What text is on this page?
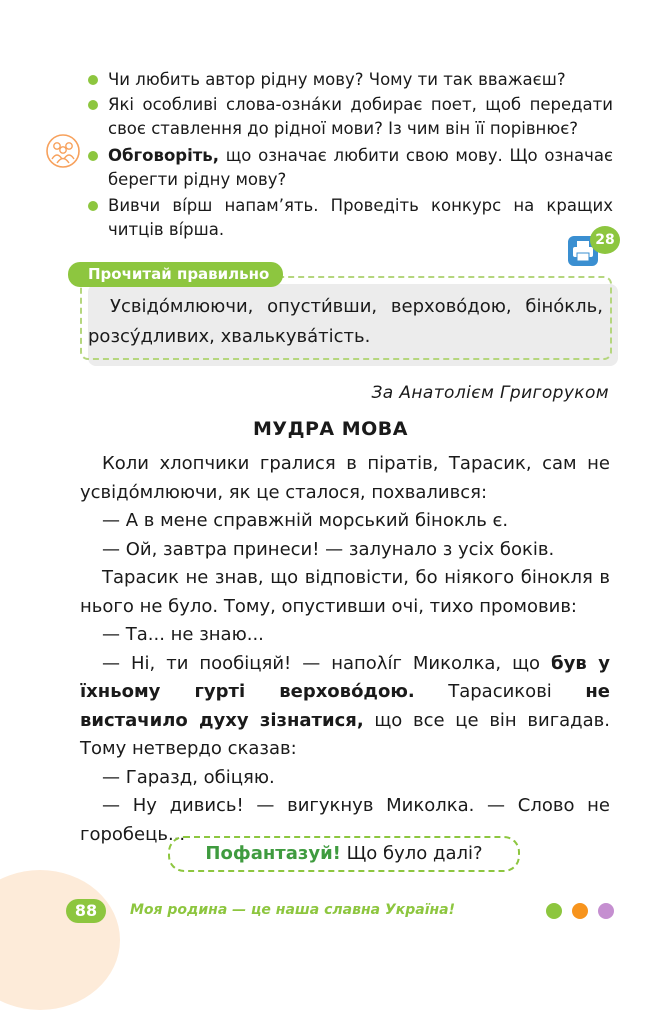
Чи любить автор рідну мову? Чому ти так вважаєш?
Які особливі слова-озна́ки добирає поет, щоб передати своє ставлення до рідної мови? Із чим він її порівнює?
Обговоріть, що означає любити свою мову. Що означає берегти рідну мову?
Вивчи ві́рш напам’ять. Проведіть конкурс на кращих читців ві́рша.
28
Прочитай правильно
Усвідо́млюючи, опусти́вши, верхово́дою, біно́кль, розсу́дливих, хвалькува́тість.
За Анатолієм Григоруком
МУДРА МОВА

Коли хлопчики гралися в піратів, Тарасик, сам не усвідо́млюючи, як це сталося, похвалився:

— А в мене справжній морський бінокль є.

— Ой, завтра принеси! — залунало з усіх боків.

Тарасик не знав, що відповісти, бо ніякого бінокля в нього не було. Тому, опустивши очі, тихо промовив:

— Та... не знаю...

— Ні, ти пообіцяй! — напολі́г Миколка, що був у їхньому гурті верхово́дою. Тарасикові не вистачило духу зізнатися, що все це він вигадав. Тому нетвердо сказав:

— Гаразд, обіцяю.

— Ну дивись! — вигукнув Миколка. — Слово не горобець...

Пофантазуй! Що було далі?
88	Моя родина — це наша славна Україна!
